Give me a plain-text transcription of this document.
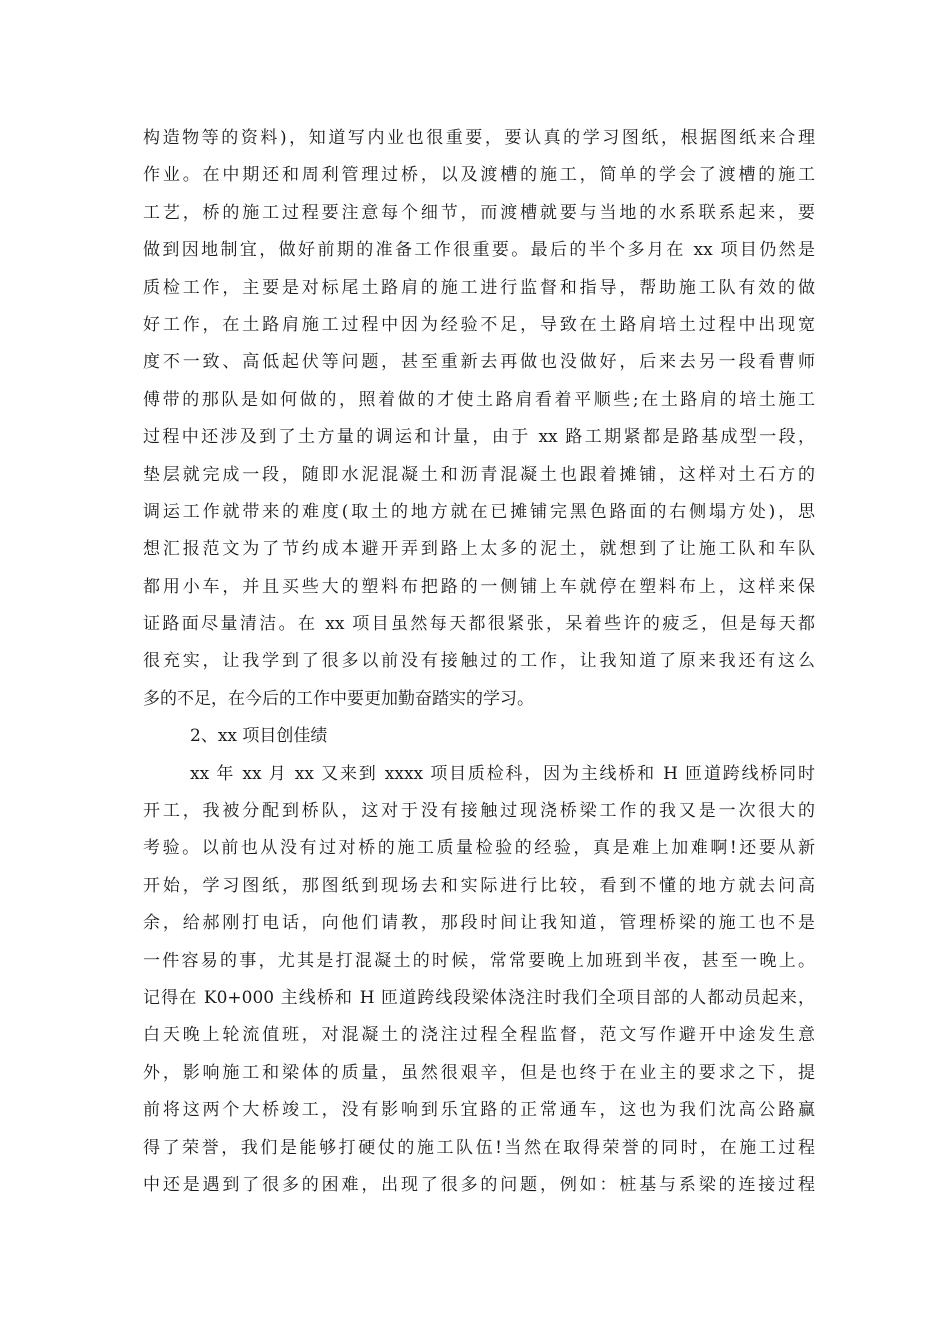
构造物等的资料)，知道写内业也很重要，要认真的学习图纸，根据图纸来合理
作业。在中期还和周利管理过桥，以及渡槽的施工，简单的学会了渡槽的施工
工艺，桥的施工过程要注意每个细节，而渡槽就要与当地的水系联系起来，要
做到因地制宜，做好前期的准备工作很重要。最后的半个多月在 xx 项目仍然是
质检工作，主要是对标尾土路肩的施工进行监督和指导，帮助施工队有效的做
好工作，在土路肩施工过程中因为经验不足，导致在土路肩培土过程中出现宽
度不一致、高低起伏等问题，甚至重新去再做也没做好，后来去另一段看曹师
傅带的那队是如何做的，照着做的才使土路肩看着平顺些;在土路肩的培土施工
过程中还涉及到了土方量的调运和计量，由于 xx 路工期紧都是路基成型一段，
垫层就完成一段，随即水泥混凝土和沥青混凝土也跟着摊铺，这样对土石方的
调运工作就带来的难度(取土的地方就在已摊铺完黑色路面的右侧塌方处)，思
想汇报范文为了节约成本避开弄到路上太多的泥土，就想到了让施工队和车队
都用小车，并且买些大的塑料布把路的一侧铺上车就停在塑料布上，这样来保
证路面尽量清洁。在 xx 项目虽然每天都很紧张，呆着些许的疲乏，但是每天都
很充实，让我学到了很多以前没有接触过的工作，让我知道了原来我还有这么
多的不足，在今后的工作中要更加勤奋踏实的学习。
2、xx 项目创佳绩
xx 年 xx 月 xx 又来到 xxxx 项目质检科，因为主线桥和 H 匝道跨线桥同时
开工，我被分配到桥队，这对于没有接触过现浇桥梁工作的我又是一次很大的
考验。以前也从没有过对桥的施工质量检验的经验，真是难上加难啊!还要从新
开始，学习图纸，那图纸到现场去和实际进行比较，看到不懂的地方就去问高
余，给郝刚打电话，向他们请教，那段时间让我知道，管理桥梁的施工也不是
一件容易的事，尤其是打混凝土的时候，常常要晚上加班到半夜，甚至一晚上。
记得在 K0+000 主线桥和 H 匝道跨线段梁体浇注时我们全项目部的人都动员起来，
白天晚上轮流值班，对混凝土的浇注过程全程监督，范文写作避开中途发生意
外，影响施工和梁体的质量，虽然很艰辛，但是也终于在业主的要求之下，提
前将这两个大桥竣工，没有影响到乐宜路的正常通车，这也为我们沈高公路赢
得了荣誉，我们是能够打硬仗的施工队伍!当然在取得荣誉的同时，在施工过程
中还是遇到了很多的困难，出现了很多的问题，例如：桩基与系梁的连接过程
